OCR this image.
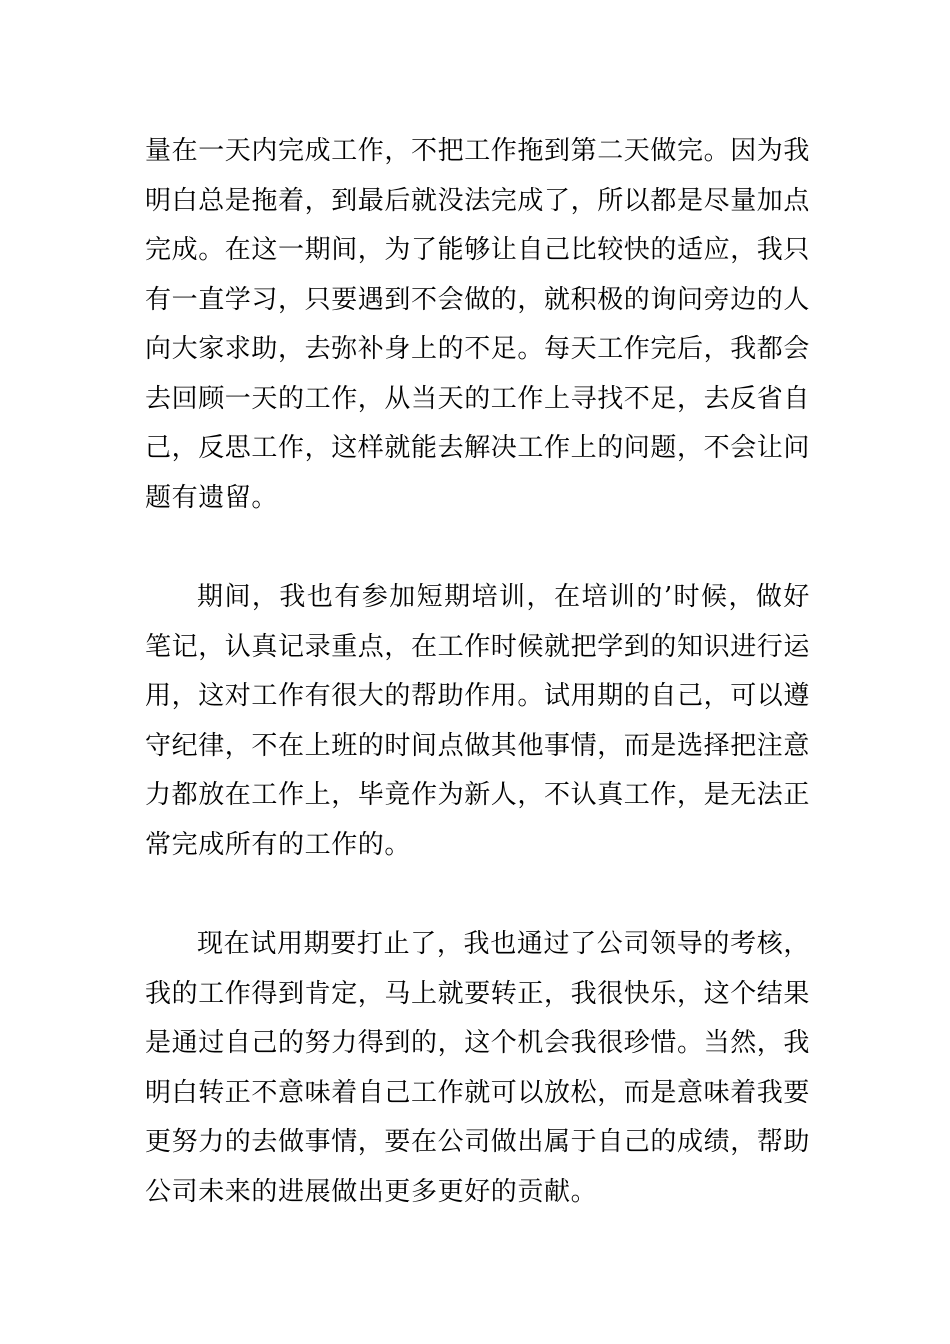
量在一天内完成工作，不把工作拖到第二天做完。因为我明白总是拖着，到最后就没法完成了，所以都是尽量加点完成。在这一期间，为了能够让自己比较快的适应，我只有一直学习，只要遇到不会做的，就积极的询问旁边的人向大家求助，去弥补身上的不足。每天工作完后，我都会去回顾一天的工作，从当天的工作上寻找不足，去反省自己，反思工作，这样就能去解决工作上的问题，不会让问题有遗留。

期间，我也有参加短期培训，在培训的’时候，做好笔记，认真记录重点，在工作时候就把学到的知识进行运用，这对工作有很大的帮助作用。试用期的自己，可以遵守纪律，不在上班的时间点做其他事情，而是选择把注意力都放在工作上，毕竟作为新人，不认真工作，是无法正常完成所有的工作的。

现在试用期要打止了，我也通过了公司领导的考核，我的工作得到肯定，马上就要转正，我很快乐，这个结果是通过自己的努力得到的，这个机会我很珍惜。当然，我明白转正不意味着自己工作就可以放松，而是意味着我要更努力的去做事情，要在公司做出属于自己的成绩，帮助公司未来的进展做出更多更好的贡献。
